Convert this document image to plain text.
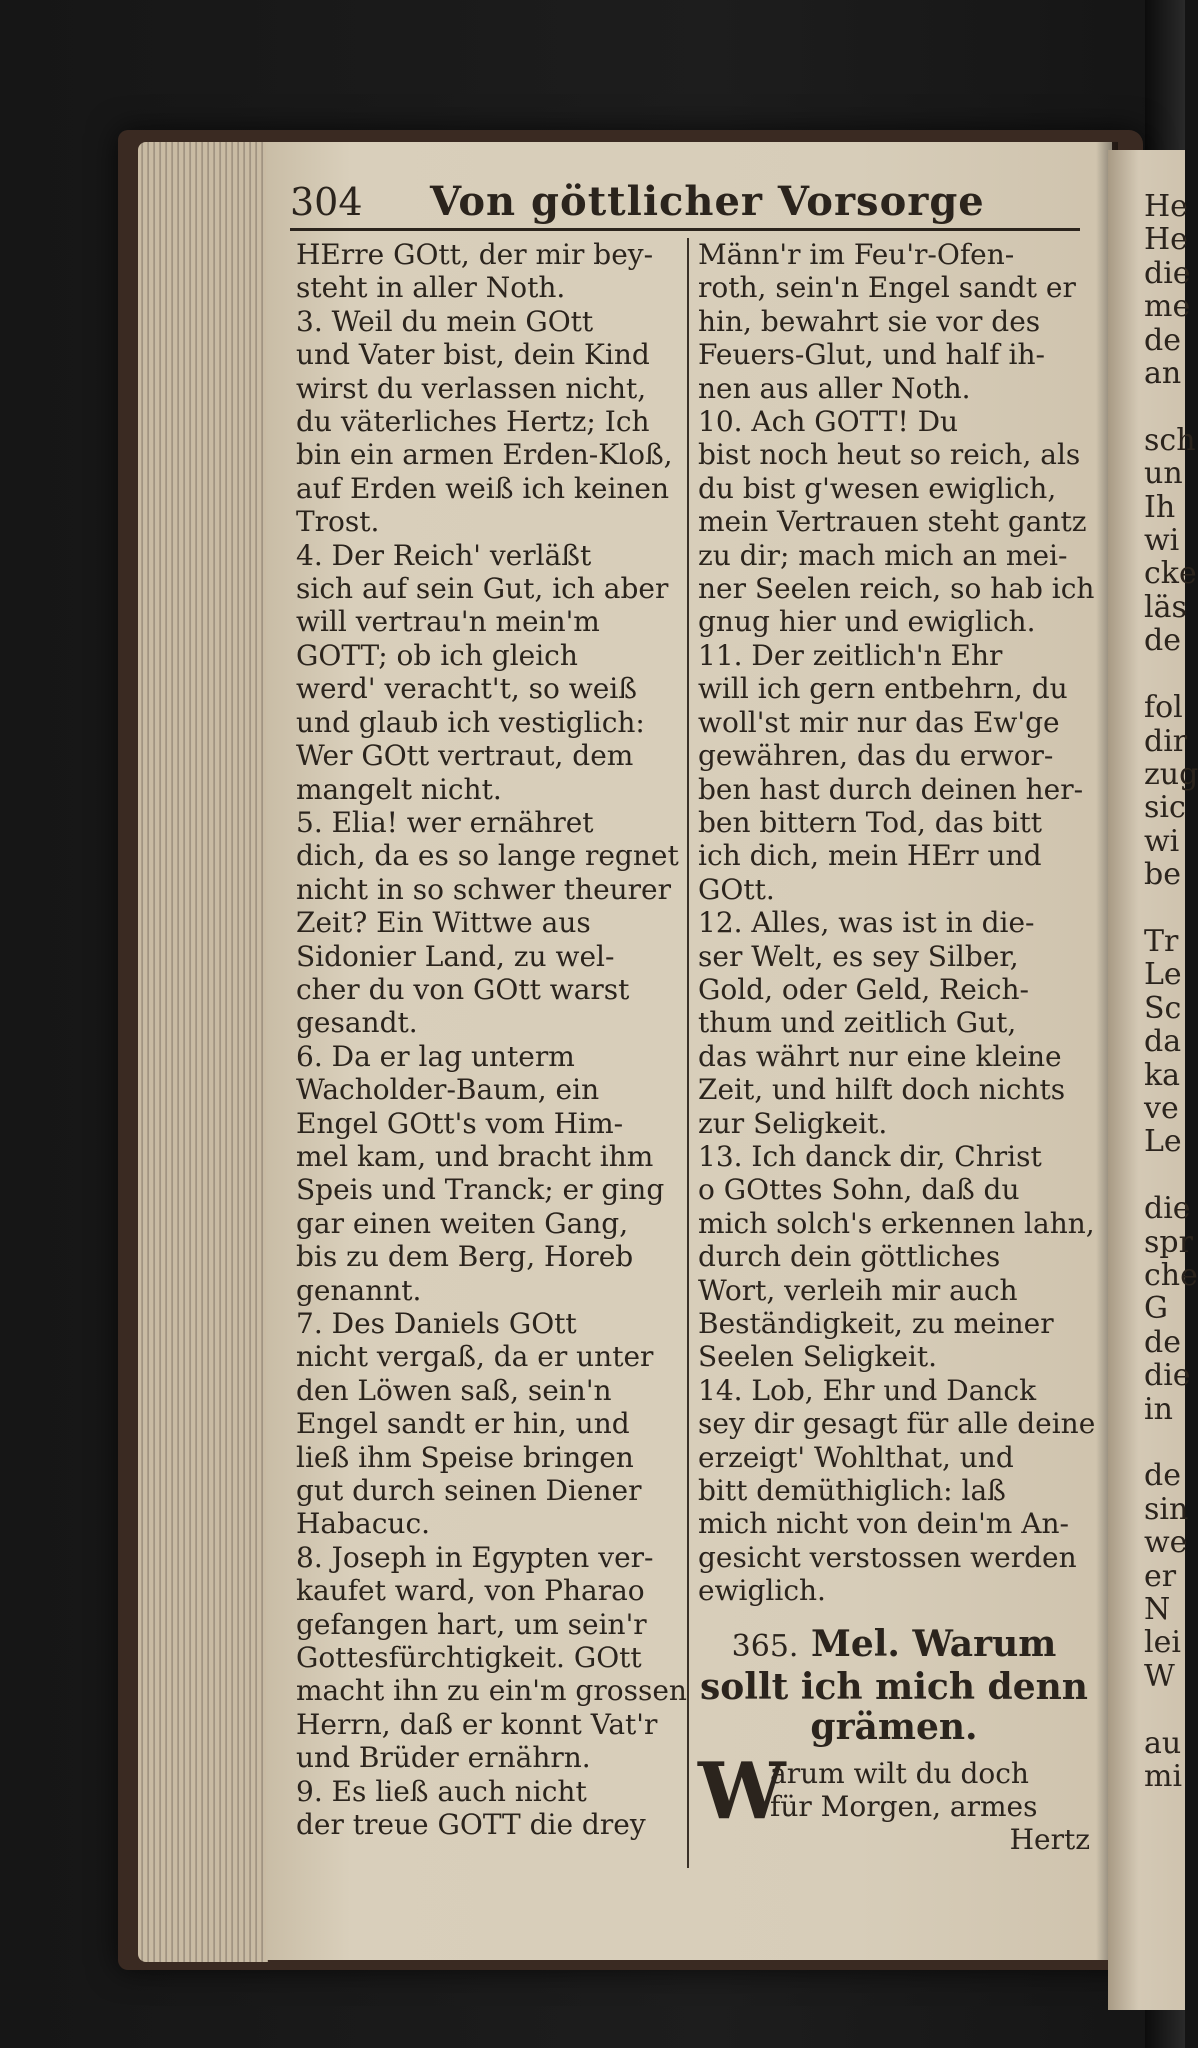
304 Von göttlicher Vorsorge
HErre GOtt, der mir bey-
steht in aller Noth.
3. Weil du mein GOtt
und Vater bist, dein Kind
wirst du verlassen nicht,
du väterliches Hertz; Ich
bin ein armen Erden-Kloß,
auf Erden weiß ich keinen
Trost.
4. Der Reich' verläßt
sich auf sein Gut, ich aber
will vertrau'n mein'm
GOTT; ob ich gleich
werd' veracht't, so weiß
und glaub ich vestiglich:
Wer GOtt vertraut, dem
mangelt nicht.
5. Elia! wer ernähret
dich, da es so lange regnet
nicht in so schwer theurer
Zeit? Ein Wittwe aus
Sidonier Land, zu wel-
cher du von GOtt warst
gesandt.
6. Da er lag unterm
Wacholder-Baum, ein
Engel GOtt's vom Him-
mel kam, und bracht ihm
Speis und Tranck; er ging
gar einen weiten Gang,
bis zu dem Berg, Horeb
genannt.
7. Des Daniels GOtt
nicht vergaß, da er unter
den Löwen saß, sein'n
Engel sandt er hin, und
ließ ihm Speise bringen
gut durch seinen Diener
Habacuc.
8. Joseph in Egypten ver-
kaufet ward, von Pharao
gefangen hart, um sein'r
Gottesfürchtigkeit. GOtt
macht ihn zu ein'm grossen
Herrn, daß er konnt Vat'r
und Brüder ernährn.
9. Es ließ auch nicht
der treue GOTT die drey
Männ'r im Feu'r-Ofen-
roth, sein'n Engel sandt er
hin, bewahrt sie vor des
Feuers-Glut, und half ih-
nen aus aller Noth.
10. Ach GOTT! Du
bist noch heut so reich, als
du bist g'wesen ewiglich,
mein Vertrauen steht gantz
zu dir; mach mich an mei-
ner Seelen reich, so hab ich
gnug hier und ewiglich.
11. Der zeitlich'n Ehr
will ich gern entbehrn, du
woll'st mir nur das Ew'ge
gewähren, das du erwor-
ben hast durch deinen her-
ben bittern Tod, das bitt
ich dich, mein HErr und
GOtt.
12. Alles, was ist in die-
ser Welt, es sey Silber,
Gold, oder Geld, Reich-
thum und zeitlich Gut,
das währt nur eine kleine
Zeit, und hilft doch nichts
zur Seligkeit.
13. Ich danck dir, Christ
o GOttes Sohn, daß du
mich solch's erkennen lahn,
durch dein göttliches
Wort, verleih mir auch
Beständigkeit, zu meiner
Seelen Seligkeit.
14. Lob, Ehr und Danck
sey dir gesagt für alle deine
erzeigt' Wohlthat, und
bitt demüthiglich: laß
mich nicht von dein'm An-
gesicht verstossen werden
ewiglich.
365. Mel. Warum
sollt ich mich denn
grämen.
W
arum wilt du doch
für Morgen, armes
Hertz
He
He
die
me
de
an

sch
un
Ih
wi
cke
läs
de

fol
dir
zug
sic
wi
be

Tr
Le
Sc
da
ka
ve
Le

die
spr
che
G
de
die
in

de
sin
we
er
N
lei
W

au
mi
